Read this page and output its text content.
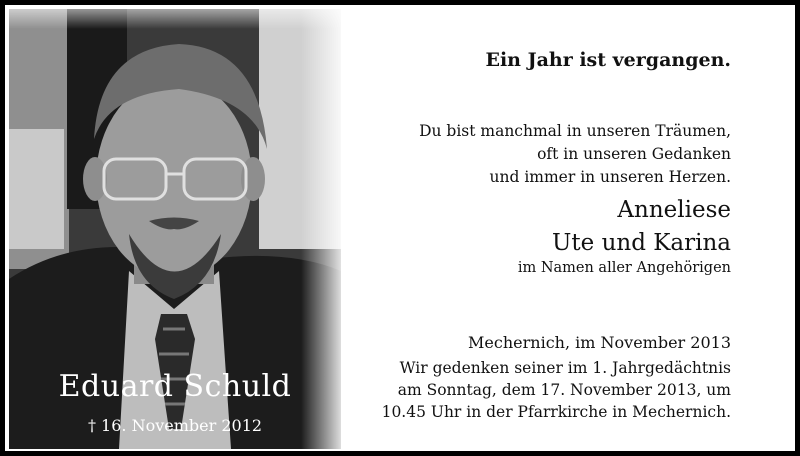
Eduard Schuld
† 16. November 2012
Ein Jahr ist vergangen.
Du bist manchmal in unseren Träumen,
oft in unseren Gedanken
und immer in unseren Herzen.
Anneliese
Ute und Karina
im Namen aller Angehörigen
Mechernich, im November 2013
Wir gedenken seiner im 1. Jahrgedächtnis
am Sonntag, dem 17. November 2013, um
10.45 Uhr in der Pfarrkirche in Mechernich.
